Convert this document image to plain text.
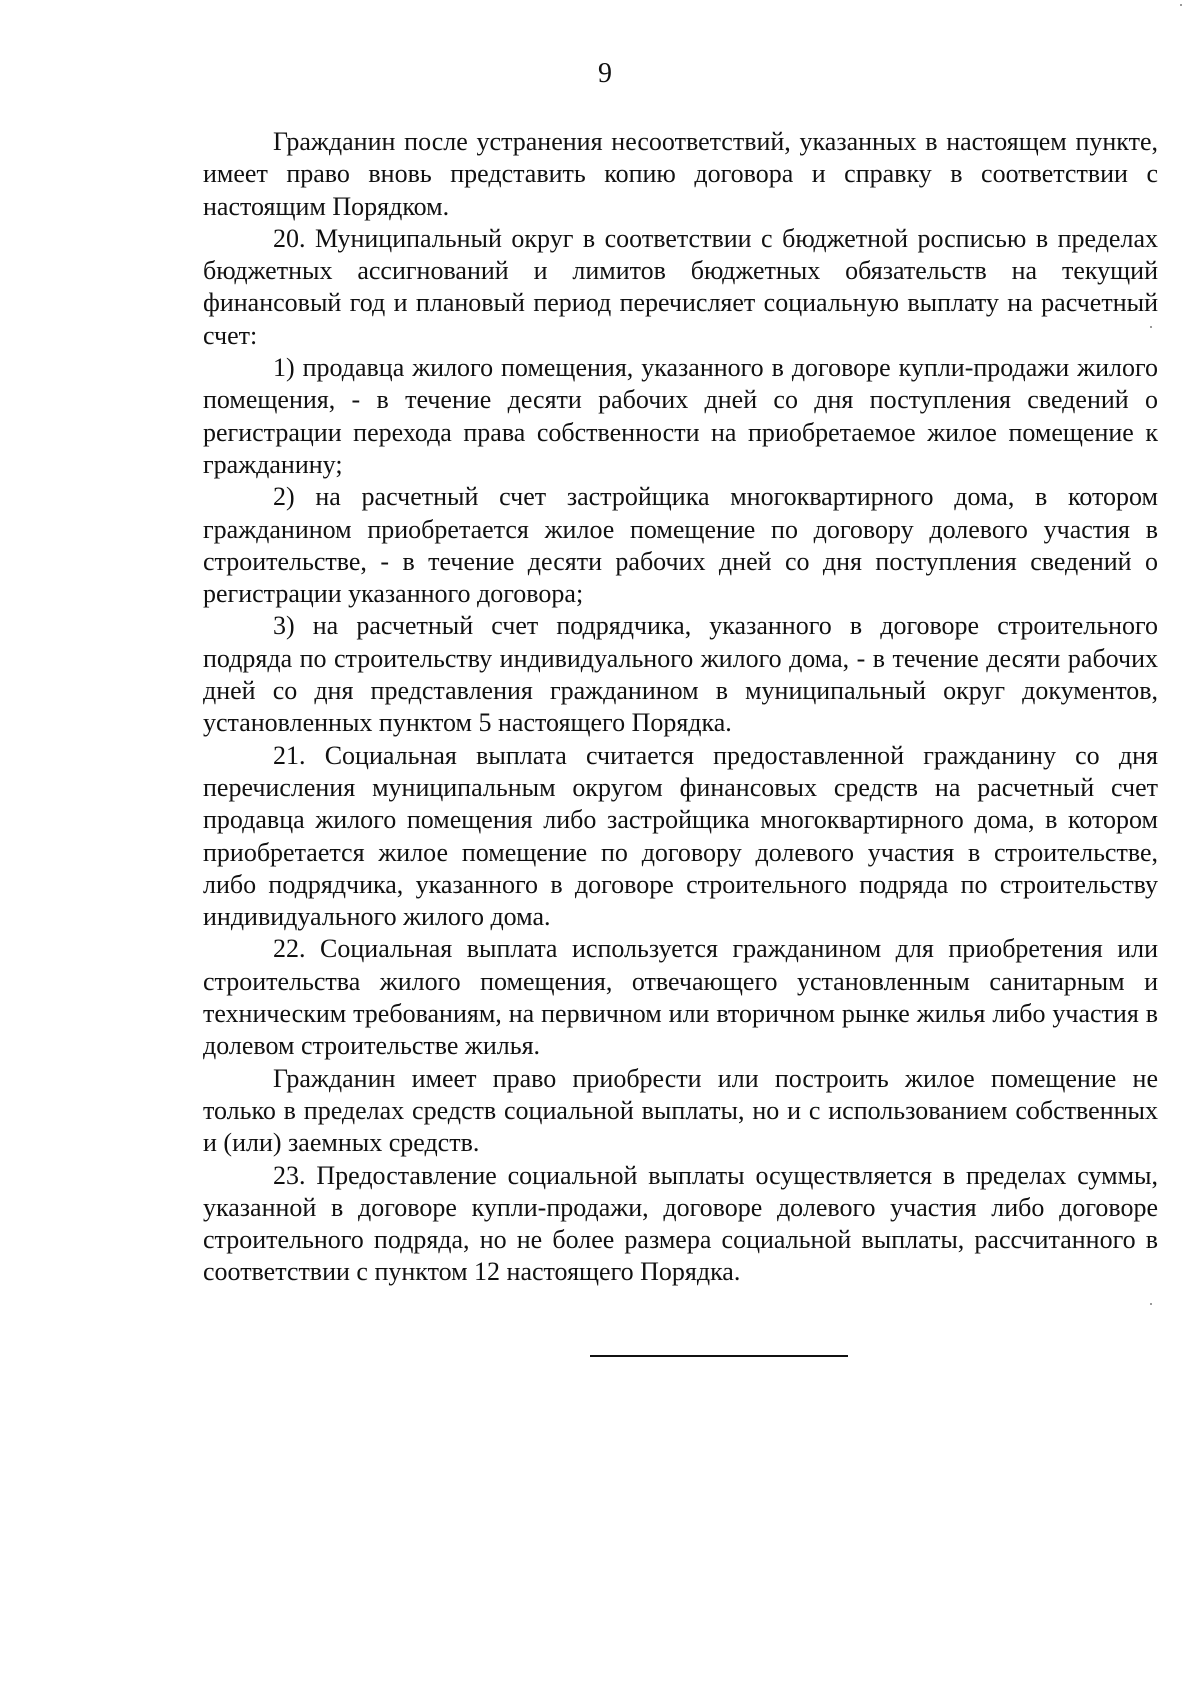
9

Гражданин после устранения несоответствий, указанных в настоящем пункте, имеет право вновь представить копию договора и справку в соответствии с настоящим Порядком.

20. Муниципальный округ в соответствии с бюджетной росписью в пределах бюджетных ассигнований и лимитов бюджетных обязательств на текущий финансовый год и плановый период перечисляет социальную выплату на расчетный счет:

1) продавца жилого помещения, указанного в договоре купли-продажи жилого помещения, - в течение десяти рабочих дней со дня поступления сведений о регистрации перехода права собственности на приобретаемое жилое помещение к гражданину;

2) на расчетный счет застройщика многоквартирного дома, в котором гражданином приобретается жилое помещение по договору долевого участия в строительстве, - в течение десяти рабочих дней со дня поступления сведений о регистрации указанного договора;

3) на расчетный счет подрядчика, указанного в договоре строительного подряда по строительству индивидуального жилого дома, - в течение десяти рабочих дней со дня представления гражданином в муниципальный округ документов, установленных пунктом 5 настоящего Порядка.

21. Социальная выплата считается предоставленной гражданину со дня перечисления муниципальным округом финансовых средств на расчетный счет продавца жилого помещения либо застройщика многоквартирного дома, в котором приобретается жилое помещение по договору долевого участия в строительстве, либо подрядчика, указанного в договоре строительного подряда по строительству индивидуального жилого дома.

22. Социальная выплата используется гражданином для приобретения или строительства жилого помещения, отвечающего установленным санитарным и техническим требованиям, на первичном или вторичном рынке жилья либо участия в долевом строительстве жилья.

Гражданин имеет право приобрести или построить жилое помещение не только в пределах средств социальной выплаты, но и с использованием собственных и (или) заемных средств.

23. Предоставление социальной выплаты осуществляется в пределах суммы, указанной в договоре купли-продажи, договоре долевого участия либо договоре строительного подряда, но не более размера социальной выплаты, рассчитанного в соответствии с пунктом 12 настоящего Порядка.
